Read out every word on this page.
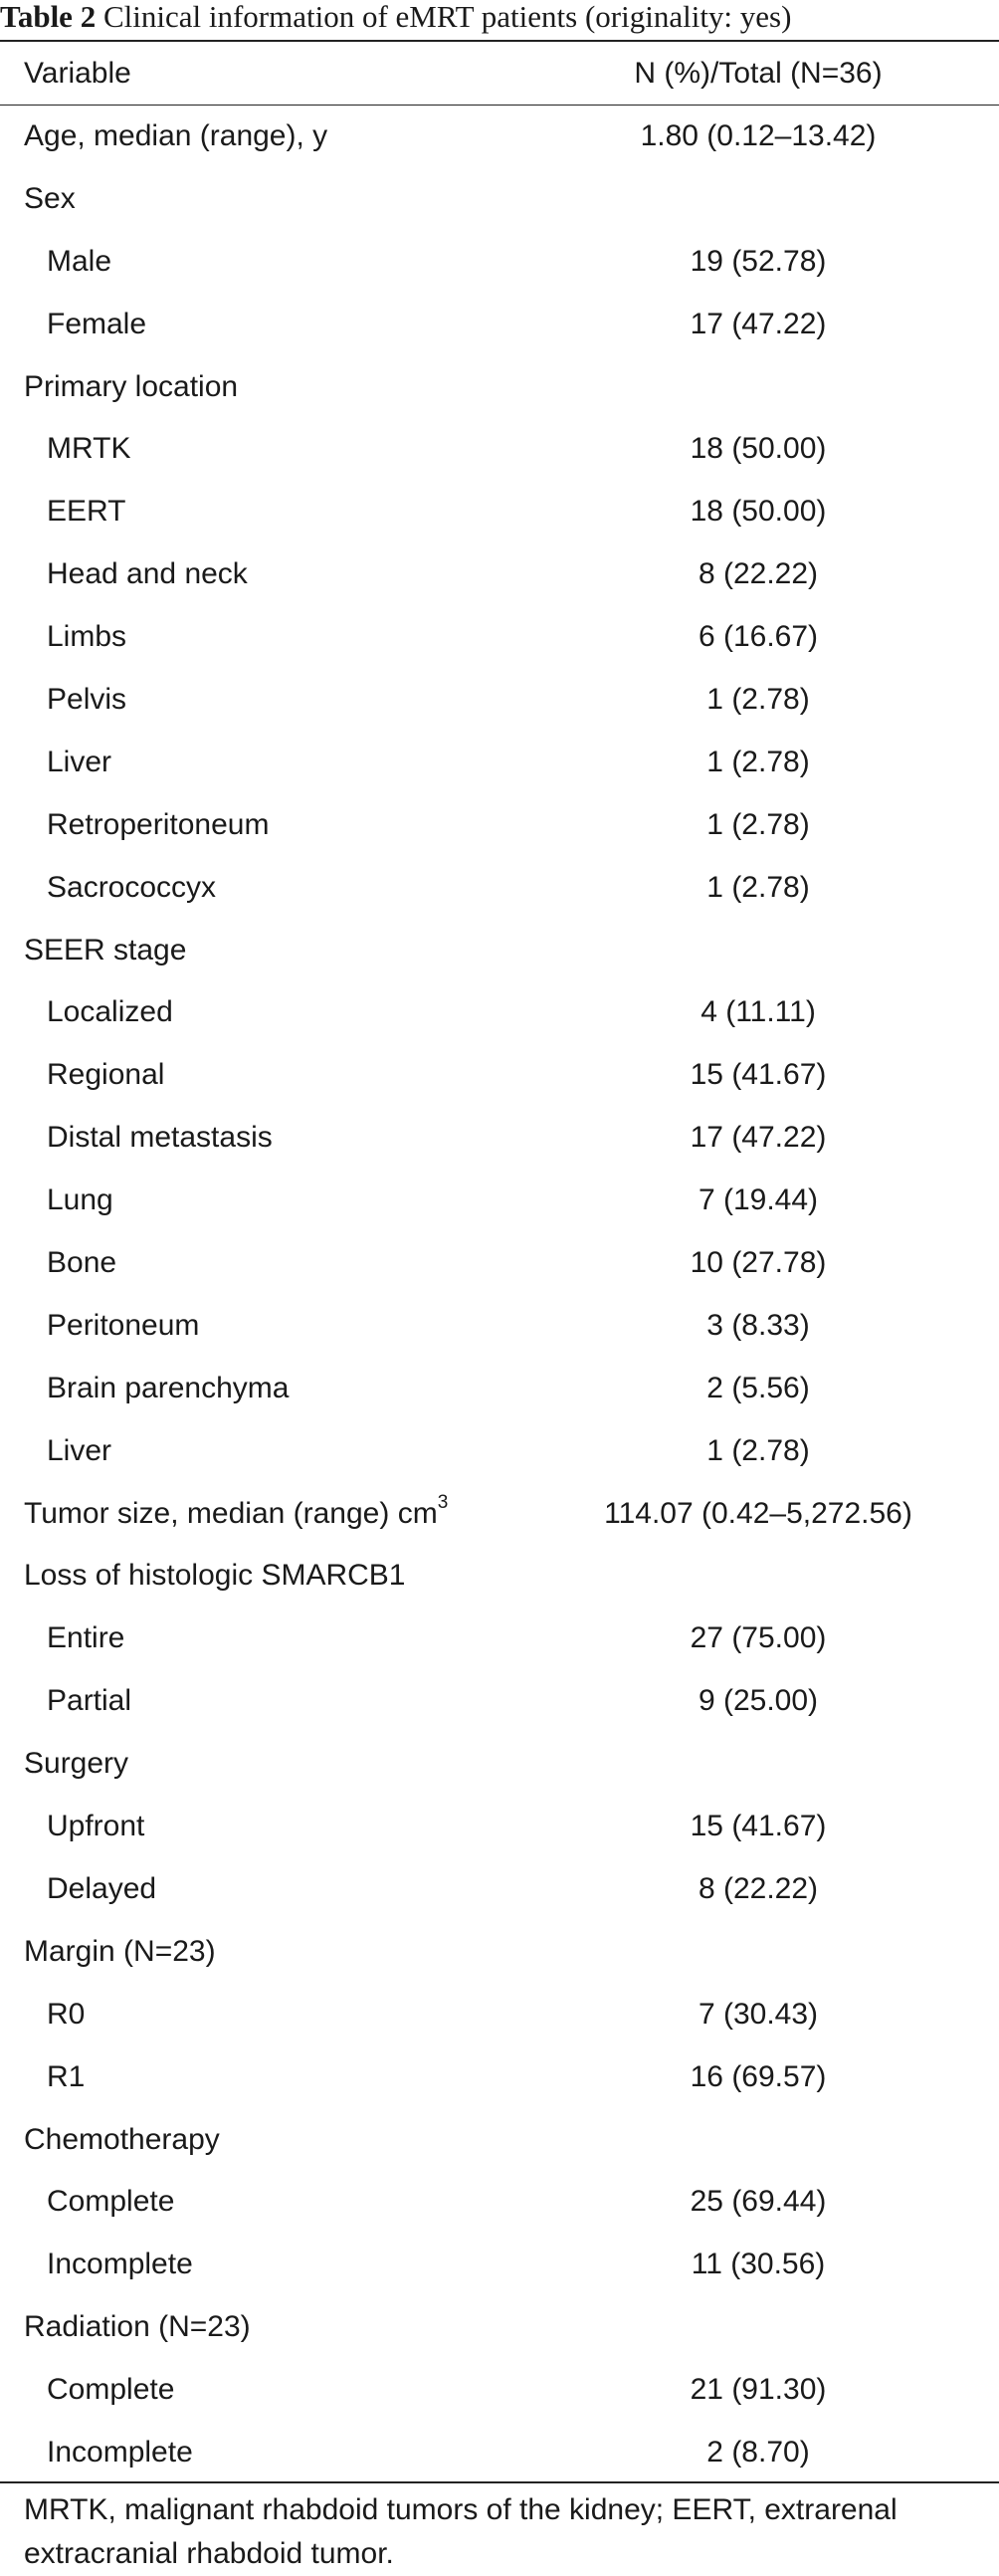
Table 2 Clinical information of eMRT patients (originality: yes)
Variable	N (%)/Total (N=36)
Age, median (range), y	1.80 (0.12–13.42)
Sex
Male	19 (52.78)
Female	17 (47.22)
Primary location
MRTK	18 (50.00)
EERT	18 (50.00)
Head and neck	8 (22.22)
Limbs	6 (16.67)
Pelvis	1 (2.78)
Liver	1 (2.78)
Retroperitoneum	1 (2.78)
Sacrococcyx	1 (2.78)
SEER stage
Localized	4 (11.11)
Regional	15 (41.67)
Distal metastasis	17 (47.22)
Lung	7 (19.44)
Bone	10 (27.78)
Peritoneum	3 (8.33)
Brain parenchyma	2 (5.56)
Liver	1 (2.78)
Tumor size, median (range) $cm^3$	114.07 (0.42–5,272.56)
Loss of histologic SMARCB1
Entire	27 (75.00)
Partial	9 (25.00)
Surgery
Upfront	15 (41.67)
Delayed	8 (22.22)
Margin (N=23)
R0	7 (30.43)
R1	16 (69.57)
Chemotherapy
Complete	25 (69.44)
Incomplete	11 (30.56)
Radiation (N=23)
Complete	21 (91.30)
Incomplete	2 (8.70)
MRTK, malignant rhabdoid tumors of the kidney; EERT, extrarenal extracranial rhabdoid tumor.
